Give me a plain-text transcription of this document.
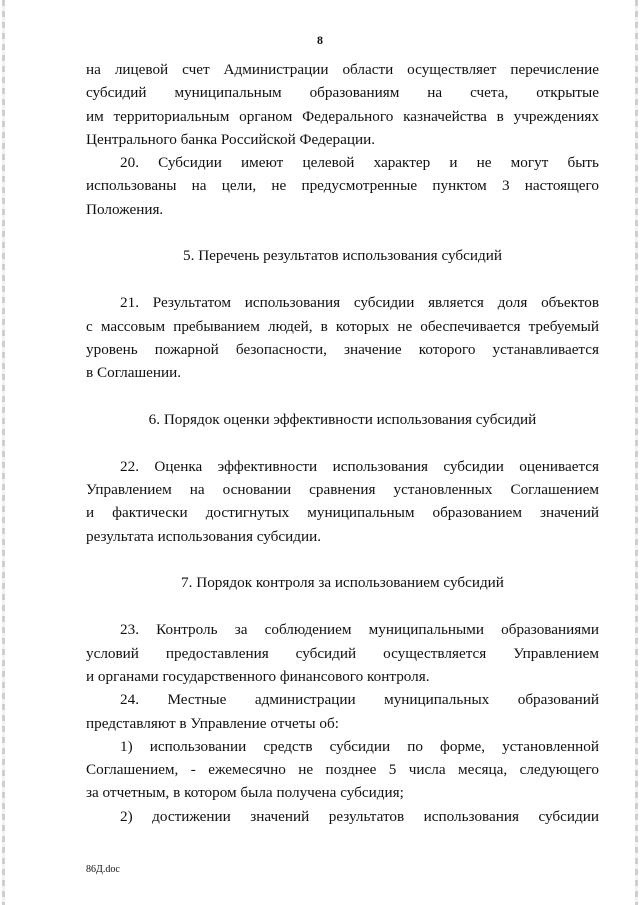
8
на лицевой счет Администрации области осуществляет перечисление
субсидий муниципальным образованиям на счета, открытые
им территориальным органом Федерального казначейства в учреждениях
Центрального банка Российской Федерации.
20. Субсидии имеют целевой характер и не могут быть
использованы на цели, не предусмотренные пунктом 3 настоящего
Положения.
5. Перечень результатов использования субсидий
21. Результатом использования субсидии является доля объектов
с массовым пребыванием людей, в которых не обеспечивается требуемый
уровень пожарной безопасности, значение которого устанавливается
в Соглашении.
6. Порядок оценки эффективности использования субсидий
22. Оценка эффективности использования субсидии оценивается
Управлением на основании сравнения установленных Соглашением
и фактически достигнутых муниципальным образованием значений
результата использования субсидии.
7. Порядок контроля за использованием субсидий
23. Контроль за соблюдением муниципальными образованиями
условий предоставления субсидий осуществляется Управлением
и органами государственного финансового контроля.
24. Местные администрации муниципальных образований
представляют в Управление отчеты об:
1) использовании средств субсидии по форме, установленной
Соглашением, - ежемесячно не позднее 5 числа месяца, следующего
за отчетным, в котором была получена субсидия;
2) достижении значений результатов использования субсидии
86Д.doc
